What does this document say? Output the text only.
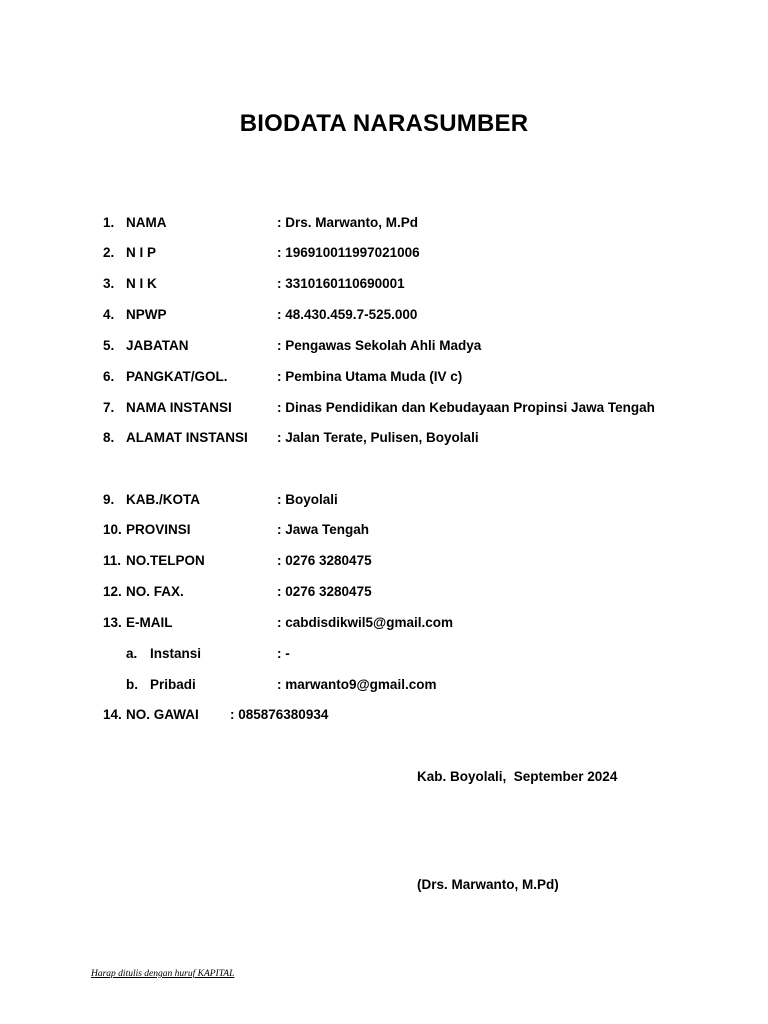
BIODATA NARASUMBER
1. NAMA	: Drs. Marwanto, M.Pd
2. N I P	: 196910011997021006
3. N I K	: 3310160110690001
4. NPWP	: 48.430.459.7-525.000
5. JABATAN	: Pengawas Sekolah Ahli Madya
6. PANGKAT/GOL.	: Pembina Utama Muda (IV c)
7. NAMA INSTANSI	: Dinas Pendidikan dan Kebudayaan Propinsi Jawa Tengah
8. ALAMAT INSTANSI : Jalan Terate, Pulisen, Boyolali
9. KAB./KOTA	: Boyolali
10. PROVINSI	: Jawa Tengah
11. NO.TELPON	: 0276 3280475
12. NO. FAX.	: 0276 3280475
13. E-MAIL	: cabdisdikwil5@gmail.com
a. Instansi	: -
b. Pribadi	: marwanto9@gmail.com
14. NO. GAWAI : 085876380934
Kab. Boyolali,  September 2024
(Drs. Marwanto, M.Pd)
Harap ditulis dengan huruf KAPITAL
